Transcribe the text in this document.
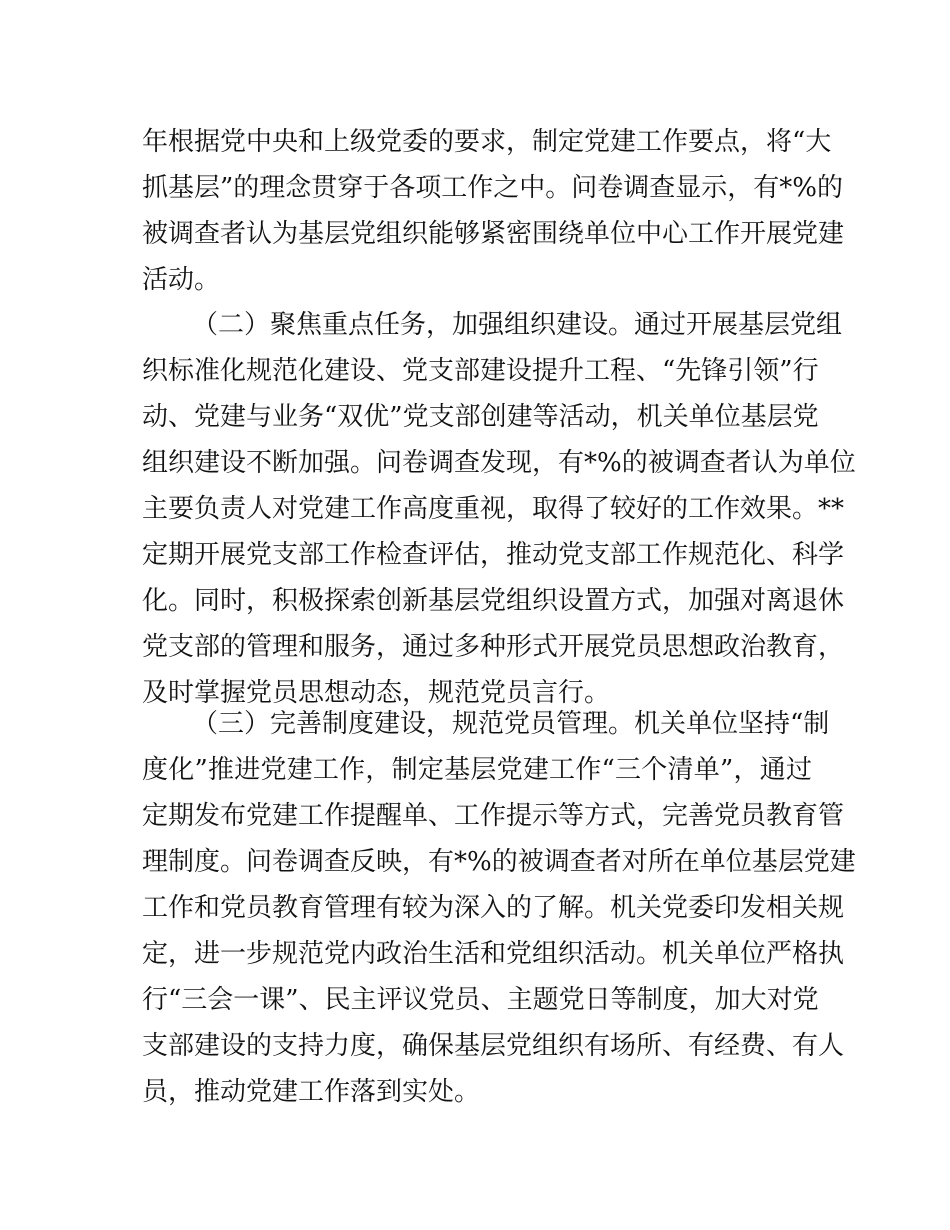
年根据党中央和上级党委的要求，制定党建工作要点，将“大
抓基层”的理念贯穿于各项工作之中。问卷调查显示，有*%的
被调查者认为基层党组织能够紧密围绕单位中心工作开展党建
活动。
（二）聚焦重点任务，加强组织建设。通过开展基层党组
织标准化规范化建设、党支部建设提升工程、“先锋引领”行
动、党建与业务“双优”党支部创建等活动，机关单位基层党
组织建设不断加强。问卷调查发现，有*%的被调查者认为单位
主要负责人对党建工作高度重视，取得了较好的工作效果。**
定期开展党支部工作检查评估，推动党支部工作规范化、科学
化。同时，积极探索创新基层党组织设置方式，加强对离退休
党支部的管理和服务，通过多种形式开展党员思想政治教育，
及时掌握党员思想动态，规范党员言行。
（三）完善制度建设，规范党员管理。机关单位坚持“制
度化”推进党建工作，制定基层党建工作“三个清单”，通过
定期发布党建工作提醒单、工作提示等方式，完善党员教育管
理制度。问卷调查反映，有*%的被调查者对所在单位基层党建
工作和党员教育管理有较为深入的了解。机关党委印发相关规
定，进一步规范党内政治生活和党组织活动。机关单位严格执
行“三会一课”、民主评议党员、主题党日等制度，加大对党
支部建设的支持力度，确保基层党组织有场所、有经费、有人
员，推动党建工作落到实处。
